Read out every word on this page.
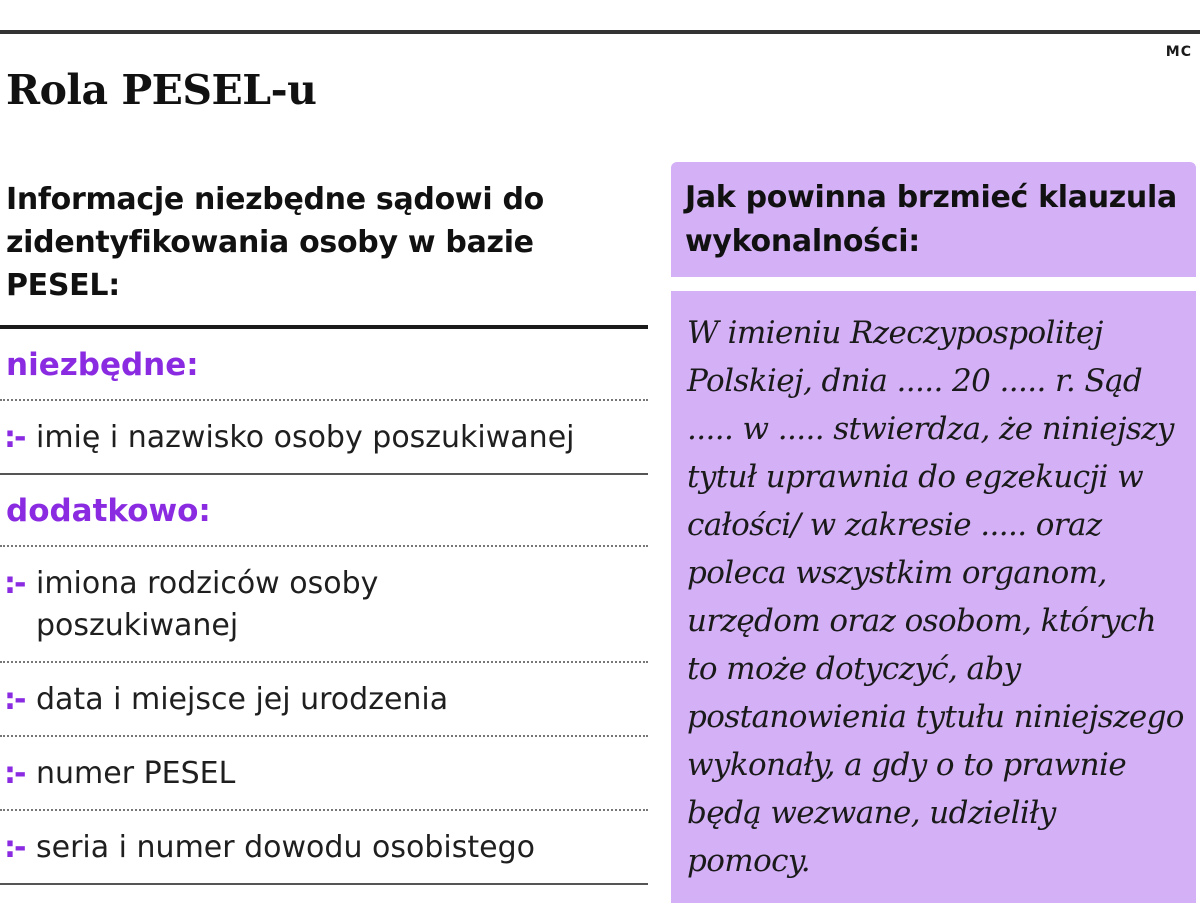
MC
Rola PESEL-u
Informacje niezbędne sądowi do zidentyfikowania osoby w bazie PESEL:
niezbędne:
:- imię i nazwisko osoby poszukiwanej
dodatkowo:
:- imiona rodziców osoby poszukiwanej
:- data i miejsce jej urodzenia
:- numer PESEL
:- seria i numer dowodu osobistego
Jak powinna brzmieć klauzula wykonalności:

W imieniu Rzeczypospolitej Polskiej, dnia ..... 20 ..... r. Sąd ..... w ..... stwierdza, że niniejszy tytuł uprawnia do egzekucji w całości/ w zakresie ..... oraz poleca wszystkim organom, urzędom oraz osobom, których to może dotyczyć, aby postanowienia tytułu niniejszego wykonały, a gdy o to prawnie będą wezwane, udzieliły pomocy.
